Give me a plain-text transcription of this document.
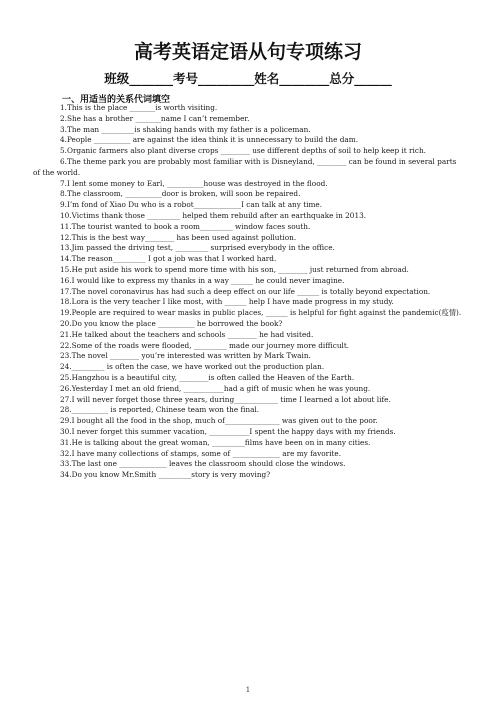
高考英语定语从句专项练习
班级_______考号_________姓名________总分______
一、用适当的关系代词填空

1.This is the place _______is worth visiting.

2.She has a brother _______name I can’t remember.

3.The man _________is shaking hands with my father is a policeman.

4.People __________ are against the idea think it is unnecessary to build the dam.

5.Organic farmers also plant diverse crops ________ use different depths of soil to help keep it rich.

6.The theme park you are probably most familiar with is Disneyland, ________ can be found in several parts of the world.

7.I lent some money to Earl, __________house was destroyed in the flood.

8.The classroom, __________door is broken, will soon be repaired.

9.I’m fond of Xiao Du who is a robot_____________I can talk at any time.

10.Victims thank those _________ helped them rebuild after an earthquake in 2013.

11.The tourist wanted to book a room_________ window faces south.

12.This is the best way________ has been used against pollution.

13.Jim passed the driving test, _________ surprised everybody in the office.

14.The reason_________ I got a job was that I worked hard.

15.He put aside his work to spend more time with his son, ________ just returned from abroad.

16.I would like to express my thanks in a way ______ he could never imagine.

17.The novel coronavirus has had such a deep effect on our life ______ is totally beyond expectation.

18.Lora is the very teacher I like most, with ______ help I have made progress in my study.

19.People are required to wear masks in public places, ______ is helpful for fight against the pandemic(疫情).

20.Do you know the place __________ he borrowed the book?

21.He talked about the teachers and schools ________ he had visited.

22.Some of the roads were flooded, _________ made our journey more difficult.

23.The novel ________ you’re interested was written by Mark Twain.

24._________ is often the case, we have worked out the production plan.

25.Hangzhou is a beautiful city, ________is often called the Heaven of the Earth.

26.Yesterday I met an old friend, ___________had a gift of music when he was young.

27.I will never forget those three years, during____________ time I learned a lot about life.

28.__________ is reported, Chinese team won the final.

29.I bought all the food in the shop, much of_______________ was given out to the poor.

30.I never forget this summer vacation, ___________I spent the happy days with my friends.

31.He is talking about the great woman, _________films have been on in many cities.

32.I have many collections of stamps, some of _____________ are my favorite.

33.The last one _____________ leaves the classroom should close the windows.

34.Do you know Mr.Smith _________story is very moving?

1
